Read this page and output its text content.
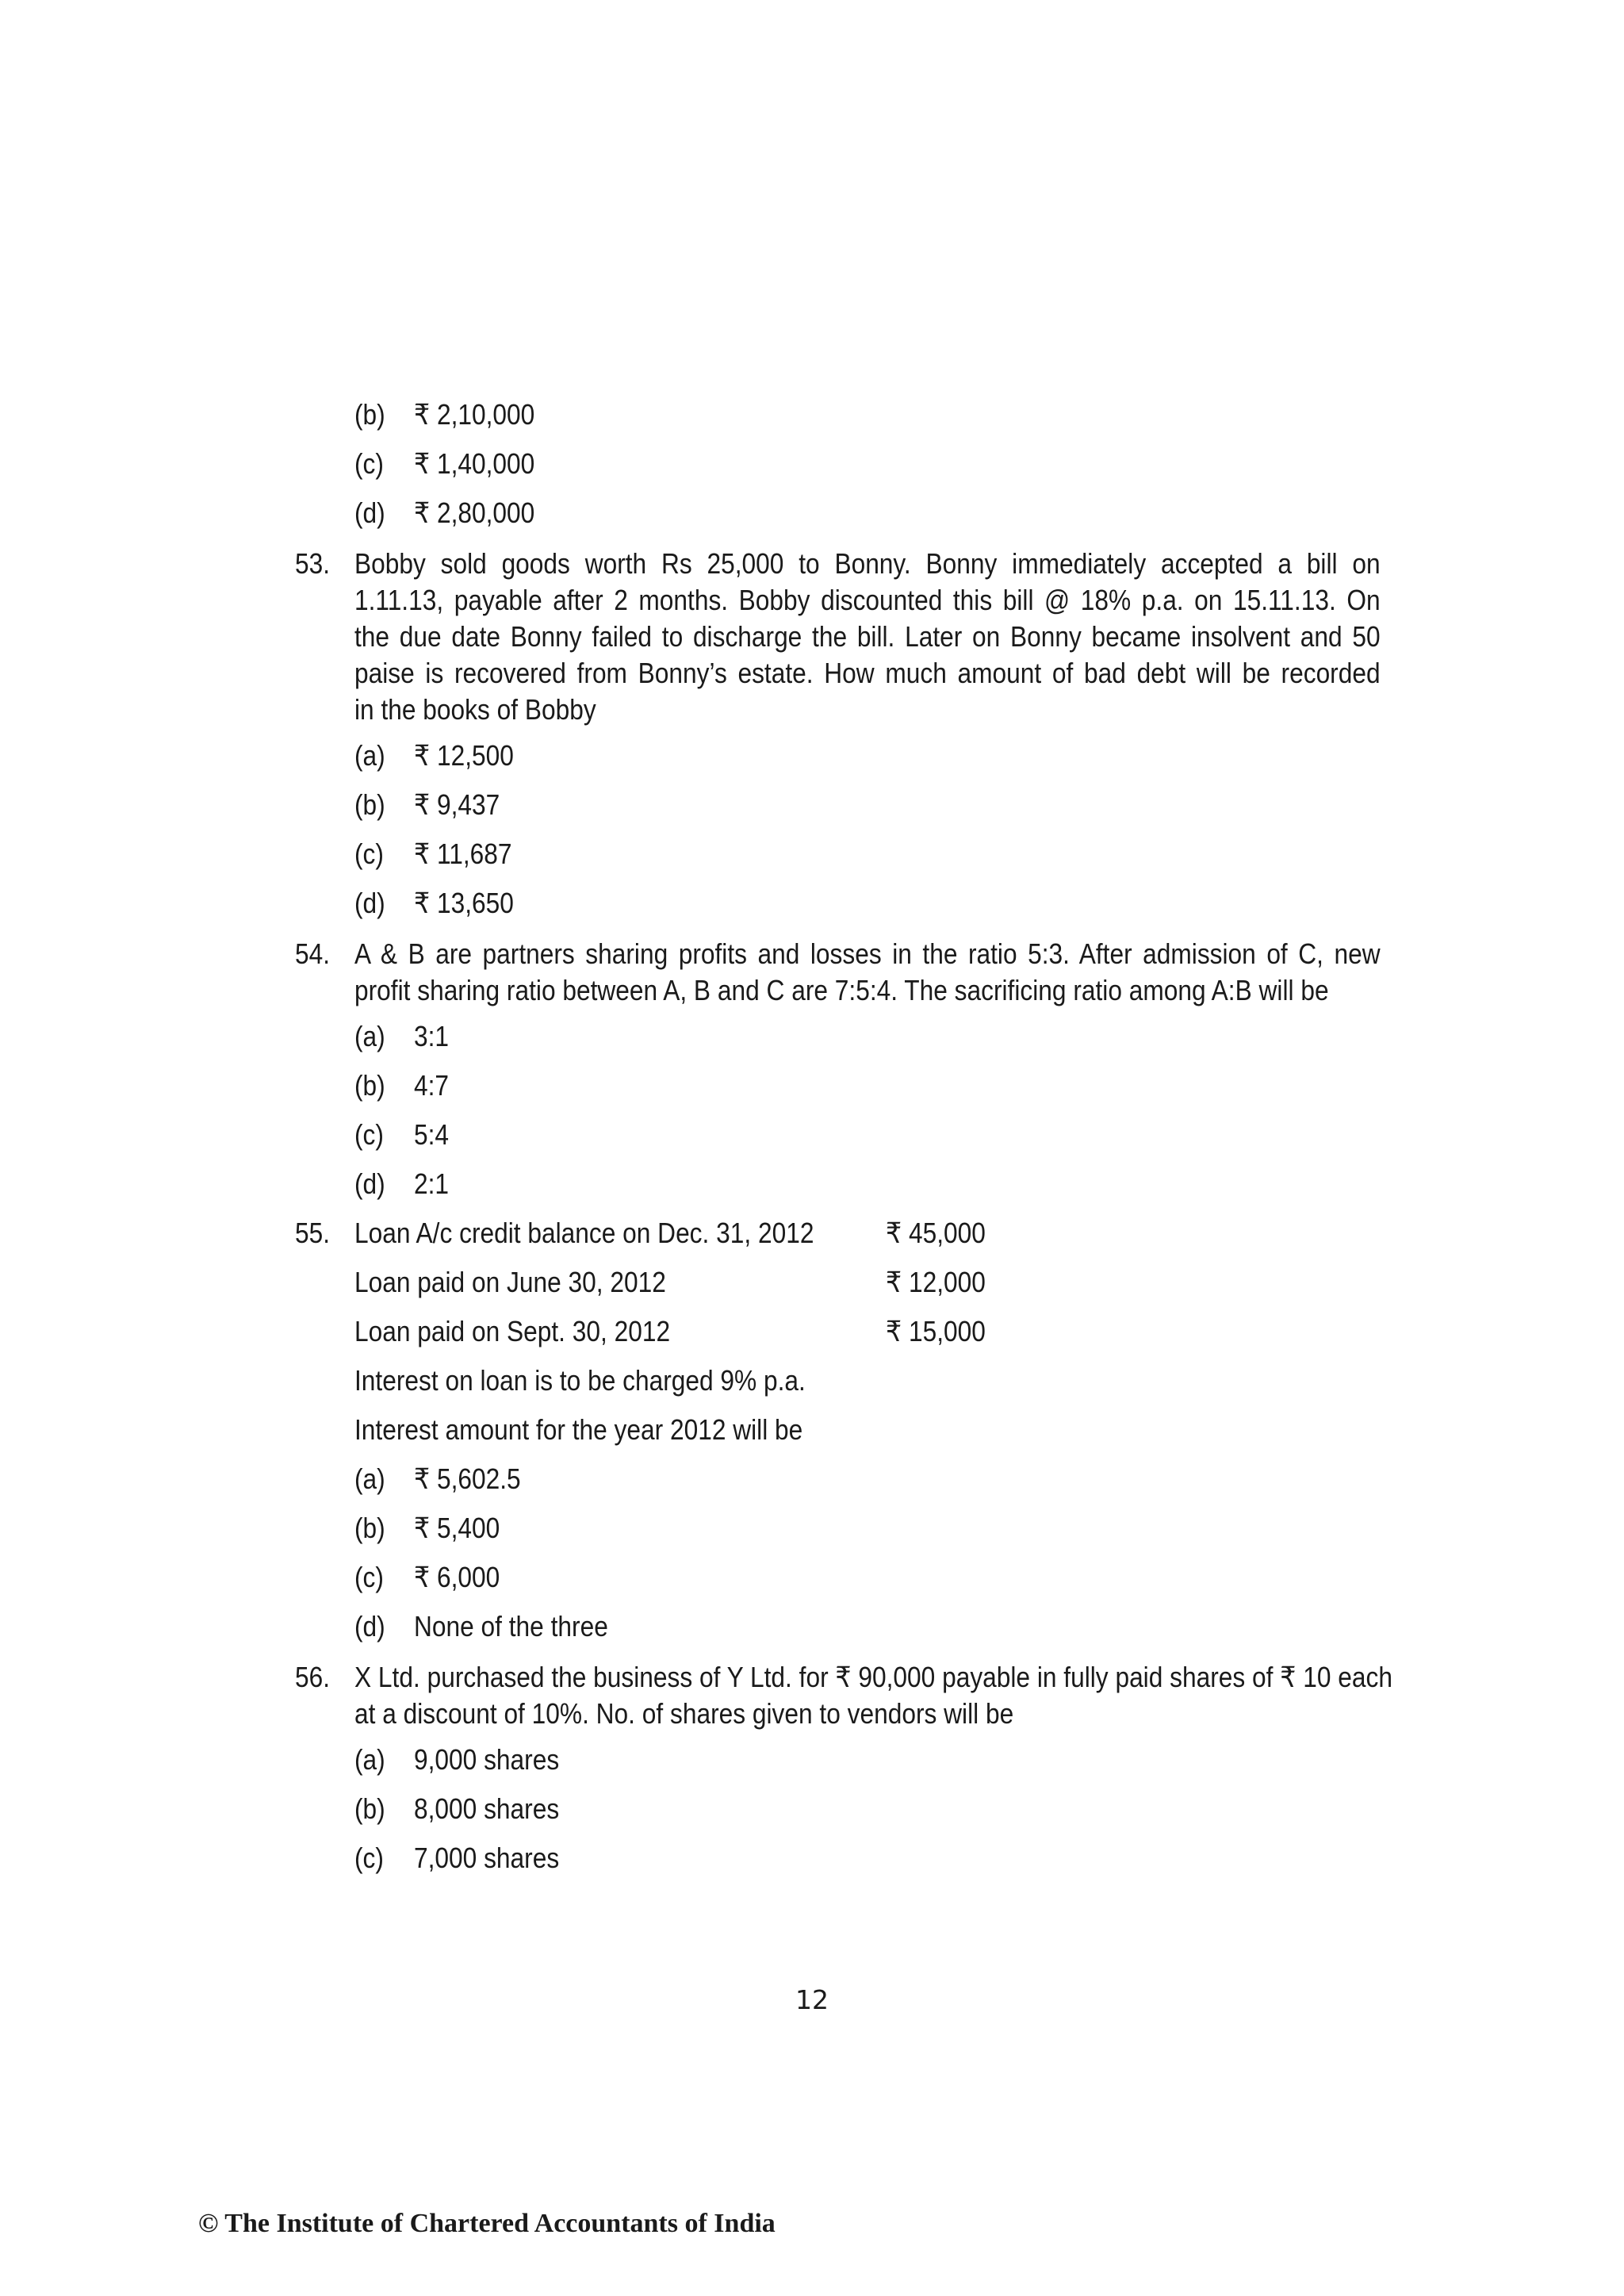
(b) ₹ 2,10,000
(c) ₹ 1,40,000
(d) ₹ 2,80,000
53. Bobby sold goods worth Rs 25,000 to Bonny. Bonny immediately accepted a bill on
1.11.13, payable after 2 months. Bobby discounted this bill @ 18% p.a. on 15.11.13. On
the due date Bonny failed to discharge the bill. Later on Bonny became insolvent and 50
paise is recovered from Bonny’s estate. How much amount of bad debt will be recorded
in the books of Bobby
(a) ₹ 12,500
(b) ₹ 9,437
(c) ₹ 11,687
(d) ₹ 13,650
54. A & B are partners sharing profits and losses in the ratio 5:3. After admission of C, new
profit sharing ratio between A, B and C are 7:5:4. The sacrificing ratio among A:B will be
(a) 3:1
(b) 4:7
(c) 5:4
(d) 2:1
55. Loan A/c credit balance on Dec. 31, 2012	₹ 45,000
Loan paid on June 30, 2012	₹ 12,000
Loan paid on Sept. 30, 2012	₹ 15,000
Interest on loan is to be charged 9% p.a.
Interest amount for the year 2012 will be
(a) ₹ 5,602.5
(b) ₹ 5,400
(c) ₹ 6,000
(d) None of the three
56. X Ltd. purchased the business of Y Ltd. for ₹ 90,000 payable in fully paid shares of ₹ 10 each
at a discount of 10%. No. of shares given to vendors will be
(a) 9,000 shares
(b) 8,000 shares
(c) 7,000 shares
12
© The Institute of Chartered Accountants of India
